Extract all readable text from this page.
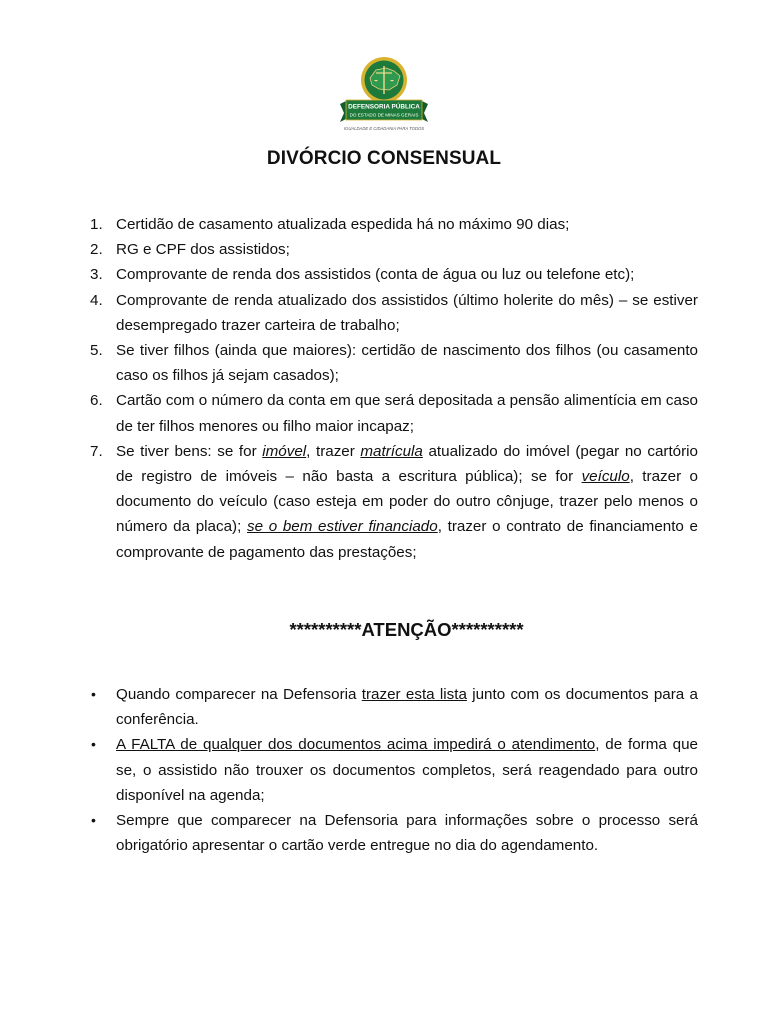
DEFENSORIA PÚBLICA
DO ESTADO DE MINAS GERAIS
IGUALDADE E CIDADANIA PARA TODOS
DIVÓRCIO CONSENSUAL
1. Certidão de casamento atualizada espedida há no máximo 90 dias;
2. RG e CPF dos assistidos;
3. Comprovante de renda dos assistidos (conta de água ou luz ou telefone etc);
4. Comprovante de renda atualizado dos assistidos (último holerite do mês) – se estiver desempregado trazer carteira de trabalho;
5. Se tiver filhos (ainda que maiores): certidão de nascimento dos filhos (ou casamento caso os filhos já sejam casados);
6. Cartão com o número da conta em que será depositada a pensão alimentícia em caso de ter filhos menores ou filho maior incapaz;
7. Se tiver bens: se for imóvel, trazer matrícula atualizado do imóvel (pegar no cartório de registro de imóveis – não basta a escritura pública); se for veículo, trazer o documento do veículo (caso esteja em poder do outro cônjuge, trazer pelo menos o número da placa); se o bem estiver financiado, trazer o contrato de financiamento e comprovante de pagamento das prestações;
**********ATENÇÃO**********
• Quando comparecer na Defensoria trazer esta lista junto com os documentos para a conferência.
• A FALTA de qualquer dos documentos acima impedirá o atendimento, de forma que se, o assistido não trouxer os documentos completos, será reagendado para outro disponível na agenda;
• Sempre que comparecer na Defensoria para informações sobre o processo será obrigatório apresentar o cartão verde entregue no dia do agendamento.
